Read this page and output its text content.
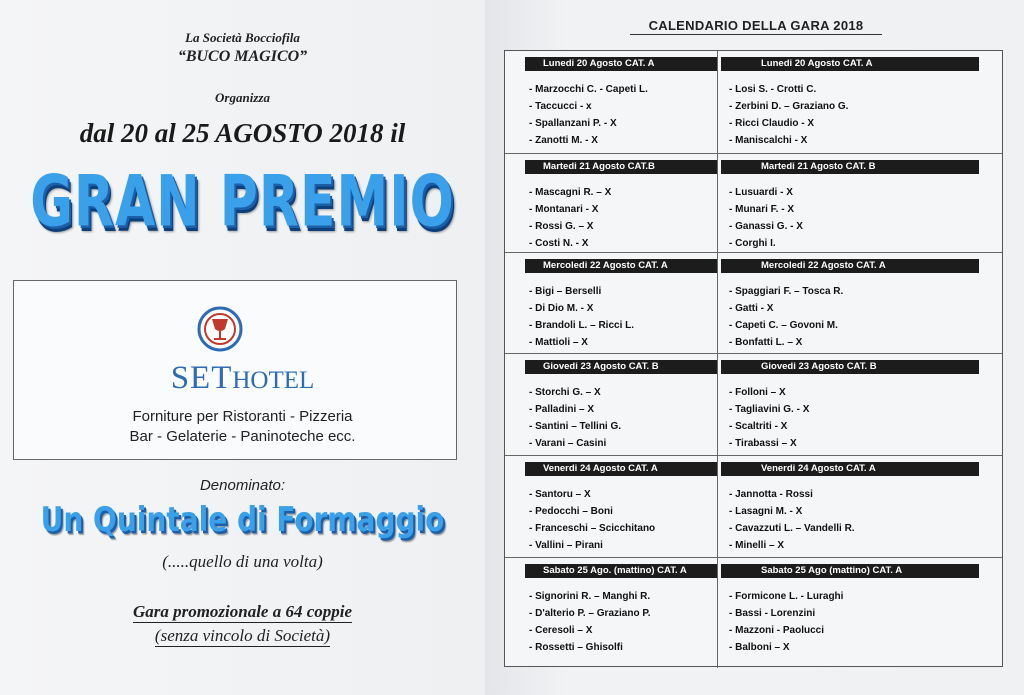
La Società Bocciofila
“BUCO MAGICO”
Organizza
dal 20 al 25 AGOSTO 2018 il
GRAN PREMIO
SETHOTEL
Forniture per Ristoranti - Pizzeria
Bar - Gelaterie - Paninoteche ecc.
Denominato:
Un Quintale di Formaggio
(.....quello di una volta)
Gara promozionale a 64 coppie
(senza vincolo di Società)
CALENDARIO DELLA GARA 2018
Lunedi 20 Agosto CAT. A
- Marzocchi C. - Capeti L.
- Taccucci - x
- Spallanzani P. - X
- Zanotti M. - X
Lunedi 20 Agosto CAT. A
- Losi S. - Crotti C.
- Zerbini D. – Graziano G.
- Ricci Claudio - X
- Maniscalchi - X
Martedi 21 Agosto CAT.B
- Mascagni R. – X
- Montanari - X
- Rossi G. – X
- Costi N. - X
Martedi 21 Agosto CAT. B
- Lusuardi - X
- Munari F. - X
- Ganassi G. - X
- Corghi I.
Mercoledi 22 Agosto CAT. A
- Bigi – Berselli
- Di Dio M. - X
- Brandoli L. – Ricci L.
- Mattioli – X
Mercoledi 22 Agosto CAT. A
- Spaggiari F. – Tosca R.
- Gatti - X
- Capeti C. – Govoni M.
- Bonfatti L. – X
Giovedi 23 Agosto CAT. B
- Storchi G. – X
- Palladini – X
- Santini – Tellini G.
- Varani – Casini
Giovedi 23 Agosto CAT. B
- Folloni – X
- Tagliavini G. - X
- Scaltriti - X
- Tirabassi – X
Venerdi 24 Agosto CAT. A
- Santoru – X
- Pedocchi – Boni
- Franceschi – Scicchitano
- Vallini – Pirani
Venerdi 24 Agosto CAT. A
- Jannotta - Rossi
- Lasagni M. - X
- Cavazzuti L. – Vandelli R.
- Minelli – X
Sabato 25 Ago. (mattino) CAT. A
- Signorini R. – Manghi R.
- D'alterio P. – Graziano P.
- Ceresoli – X
- Rossetti – Ghisolfi
Sabato 25 Ago (mattino) CAT. A
- Formicone L. - Luraghi
- Bassi - Lorenzini
- Mazzoni - Paolucci
- Balboni – X
